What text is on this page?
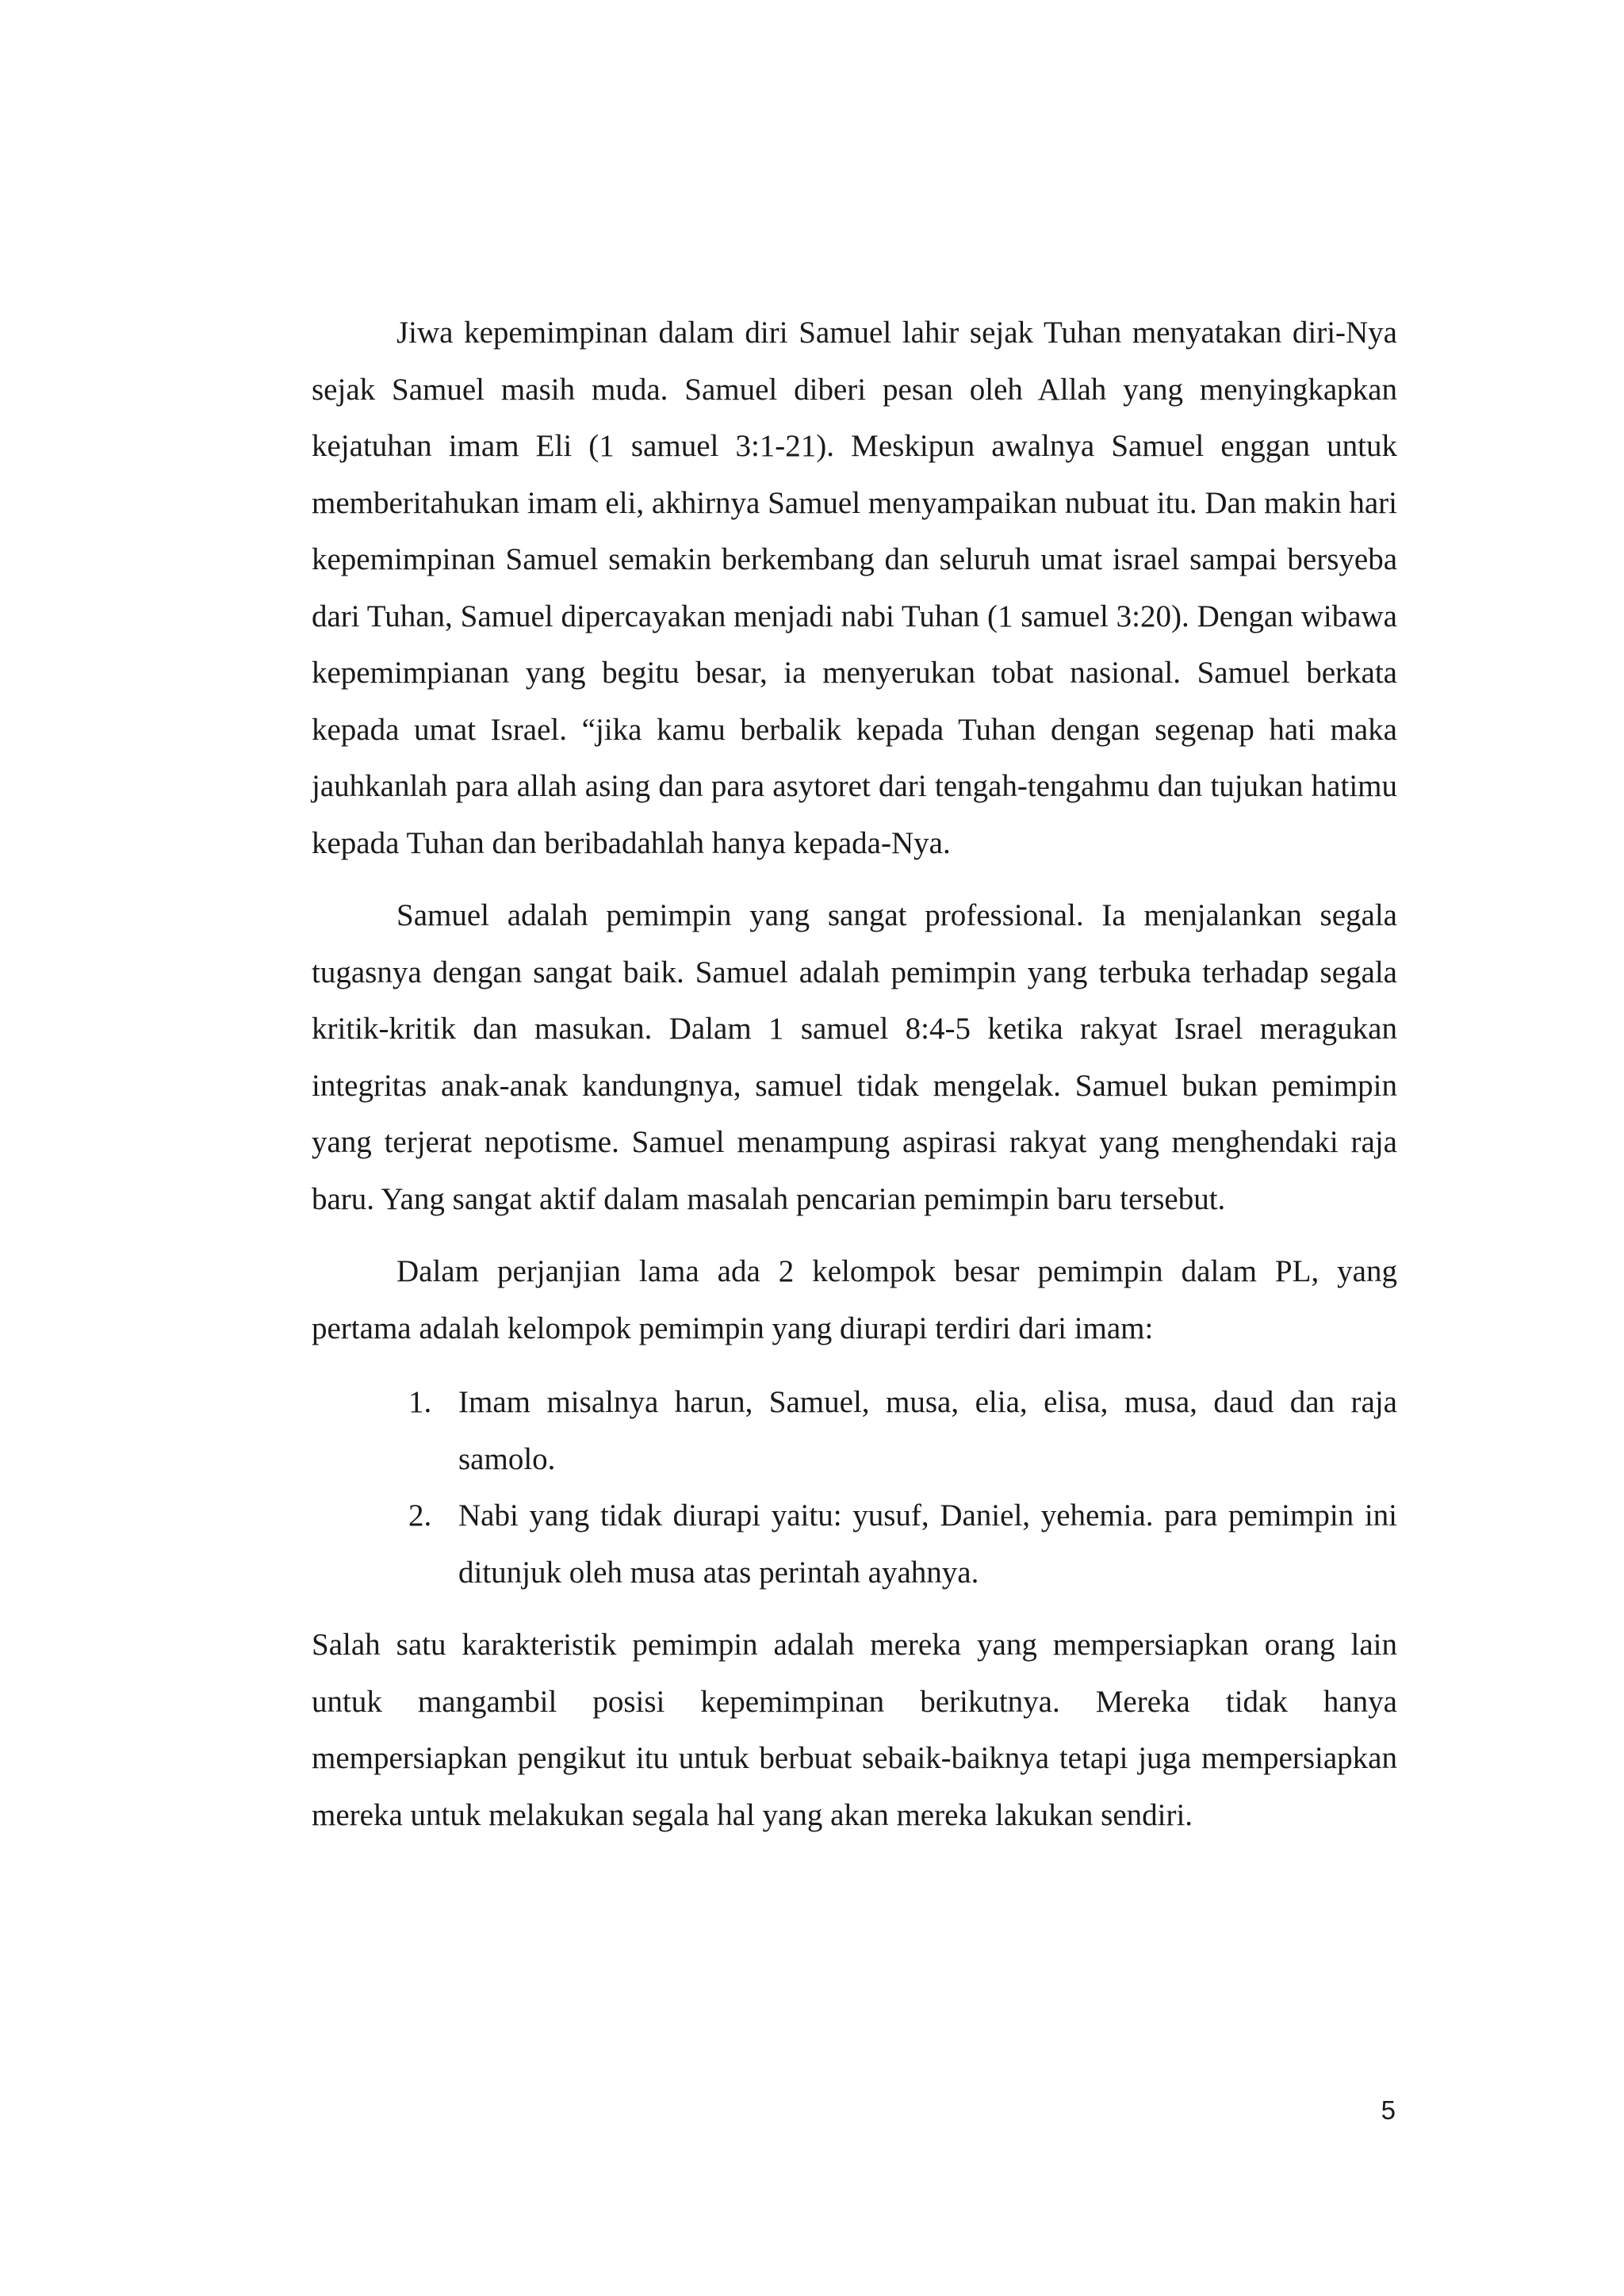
Jiwa kepemimpinan dalam diri Samuel lahir sejak Tuhan menyatakan diri-Nya sejak Samuel masih muda. Samuel diberi pesan oleh Allah yang menyingkapkan kejatuhan imam Eli (1 samuel 3:1-21). Meskipun awalnya Samuel enggan untuk memberitahukan imam eli, akhirnya Samuel menyampaikan nubuat itu. Dan makin hari kepemimpinan Samuel semakin berkembang dan seluruh umat israel sampai bersyeba dari Tuhan, Samuel dipercayakan menjadi nabi Tuhan (1 samuel 3:20). Dengan wibawa kepemimpianan yang begitu besar, ia menyerukan tobat nasional. Samuel berkata kepada umat Israel. “jika kamu berbalik kepada Tuhan dengan segenap hati maka jauhkanlah para allah asing dan para asytoret dari tengah-tengahmu dan tujukan hatimu kepada Tuhan dan beribadahlah hanya kepada-Nya.

Samuel adalah pemimpin yang sangat professional. Ia menjalankan segala tugasnya dengan sangat baik. Samuel adalah pemimpin yang terbuka terhadap segala kritik-kritik dan masukan. Dalam 1 samuel 8:4-5 ketika rakyat Israel meragukan integritas anak-anak kandungnya, samuel tidak mengelak. Samuel bukan pemimpin yang terjerat nepotisme. Samuel menampung aspirasi rakyat yang menghendaki raja baru. Yang sangat aktif dalam masalah pencarian pemimpin baru tersebut.

Dalam perjanjian lama ada 2 kelompok besar pemimpin dalam PL, yang pertama adalah kelompok pemimpin yang diurapi terdiri dari imam:

1. Imam misalnya harun, Samuel, musa, elia, elisa, musa, daud dan raja samolo.
2. Nabi yang tidak diurapi yaitu: yusuf, Daniel, yehemia. para pemimpin ini ditunjuk oleh musa atas perintah ayahnya.

Salah satu karakteristik pemimpin adalah mereka yang mempersiapkan orang lain untuk mangambil posisi kepemimpinan berikutnya. Mereka tidak hanya mempersiapkan pengikut itu untuk berbuat sebaik-baiknya tetapi juga mempersiapkan mereka untuk melakukan segala hal yang akan mereka lakukan sendiri.

5
